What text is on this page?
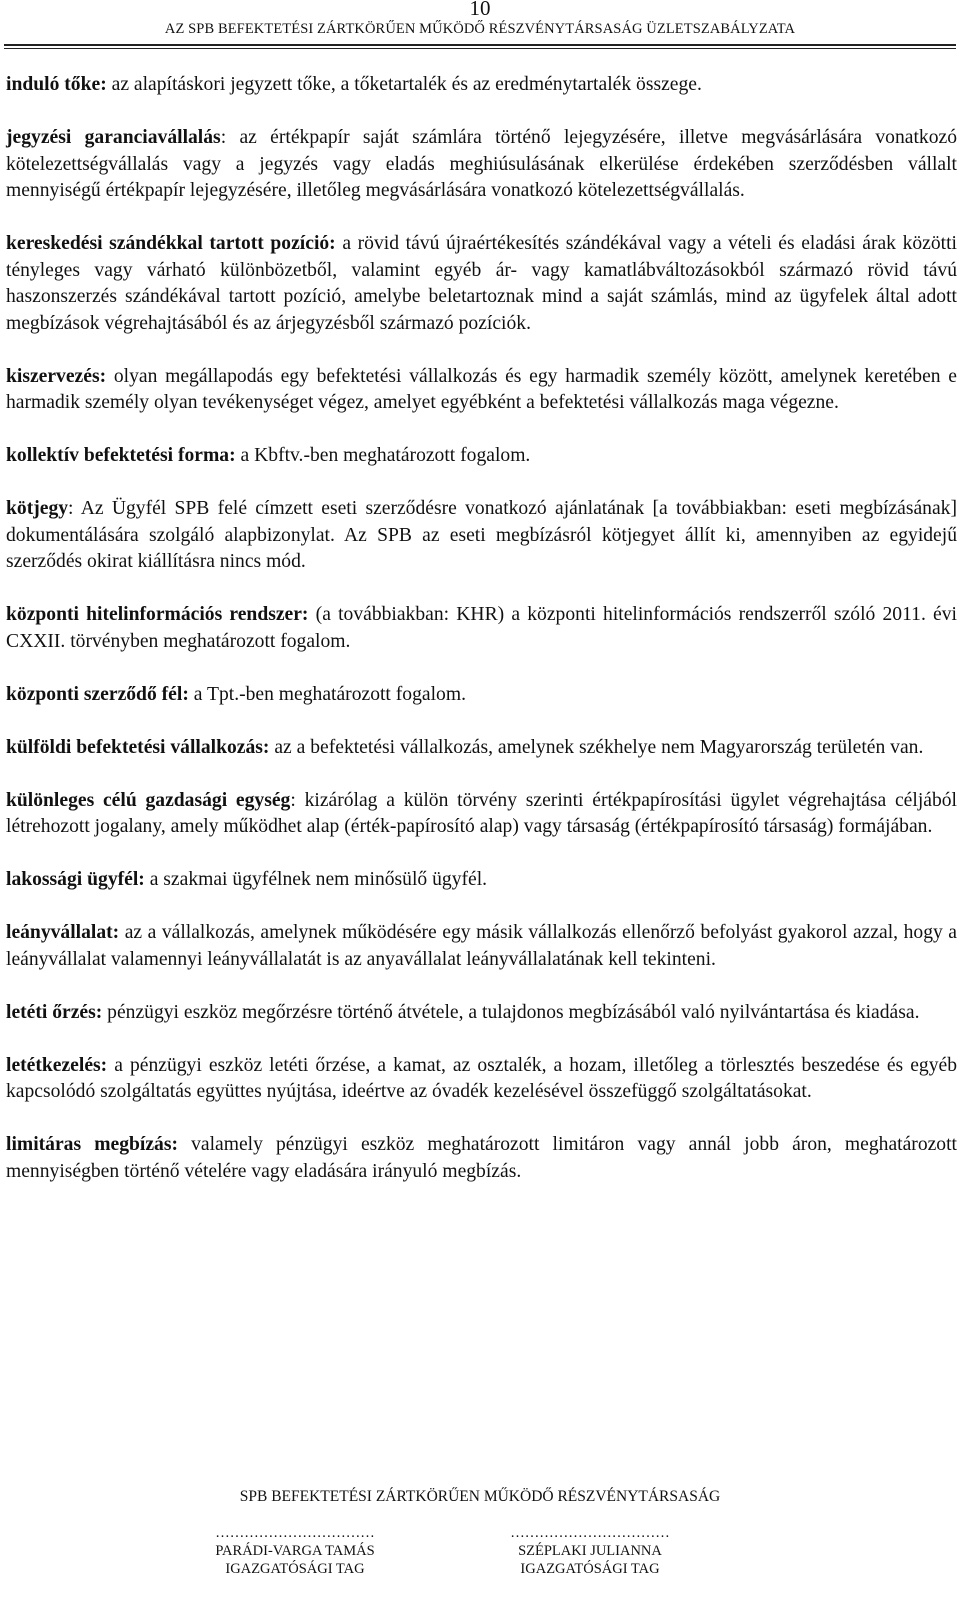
10
AZ SPB BEFEKTETÉSI ZÁRTKÖRŰEN MŰKÖDŐ RÉSZVÉNYTÁRSASÁG ÜZLETSZABÁLYZATA

induló tőke: az alapításkori jegyzett tőke, a tőketartalék és az eredménytartalék összege.

jegyzési garanciavállalás: az értékpapír saját számlára történő lejegyzésére, illetve megvásárlására vonatkozó kötelezettségvállalás vagy a jegyzés vagy eladás meghiúsulásának elkerülése érdekében szerződésben vállalt mennyiségű értékpapír lejegyzésére, illetőleg megvásárlására vonatkozó kötelezettségvállalás.

kereskedési szándékkal tartott pozíció: a rövid távú újraértékesítés szándékával vagy a vételi és eladási árak közötti tényleges vagy várható különbözetből, valamint egyéb ár- vagy kamatlábváltozásokból származó rövid távú haszonszerzés szándékával tartott pozíció, amelybe beletartoznak mind a saját számlás, mind az ügyfelek által adott megbízások végrehajtásából és az árjegyzésből származó pozíciók.

kiszervezés: olyan megállapodás egy befektetési vállalkozás és egy harmadik személy között, amelynek keretében e harmadik személy olyan tevékenységet végez, amelyet egyébként a befektetési vállalkozás maga végezne.

kollektív befektetési forma: a Kbftv.-ben meghatározott fogalom.

kötjegy: Az Ügyfél SPB felé címzett eseti szerződésre vonatkozó ajánlatának [a továbbiakban: eseti megbízásának] dokumentálására szolgáló alapbizonylat. Az SPB az eseti megbízásról kötjegyet állít ki, amennyiben az egyidejű szerződés okirat kiállításra nincs mód.

központi hitelinformációs rendszer: (a továbbiakban: KHR) a központi hitelinformációs rendszerről szóló 2011. évi CXXII. törvényben meghatározott fogalom.

központi szerződő fél: a Tpt.-ben meghatározott fogalom.

külföldi befektetési vállalkozás: az a befektetési vállalkozás, amelynek székhelye nem Magyarország területén van.

különleges célú gazdasági egység: kizárólag a külön törvény szerinti értékpapírosítási ügylet végrehajtása céljából létrehozott jogalany, amely működhet alap (érték-papírosító alap) vagy társaság (értékpapírosító társaság) formájában.

lakossági ügyfél: a szakmai ügyfélnek nem minősülő ügyfél.

leányvállalat: az a vállalkozás, amelynek működésére egy másik vállalkozás ellenőrző befolyást gyakorol azzal, hogy a leányvállalat valamennyi leányvállalatát is az anyavállalat leányvállalatának kell tekinteni.

letéti őrzés: pénzügyi eszköz megőrzésre történő átvétele, a tulajdonos megbízásából való nyilvántartása és kiadása.

letétkezelés: a pénzügyi eszköz letéti őrzése, a kamat, az osztalék, a hozam, illetőleg a törlesztés beszedése és egyéb kapcsolódó szolgáltatás együttes nyújtása, ideértve az óvadék kezelésével összefüggő szolgáltatásokat.

limitáras megbízás: valamely pénzügyi eszköz meghatározott limitáron vagy annál jobb áron, meghatározott mennyiségben történő vételére vagy eladására irányuló megbízás.

SPB BEFEKTETÉSI ZÁRTKÖRŰEN MŰKÖDŐ RÉSZVÉNYTÁRSASÁG
……………………………
PARÁDI-VARGA TAMÁS
IGAZGATÓSÁGI TAG
……………………………
SZÉPLAKI JULIANNA
IGAZGATÓSÁGI TAG
